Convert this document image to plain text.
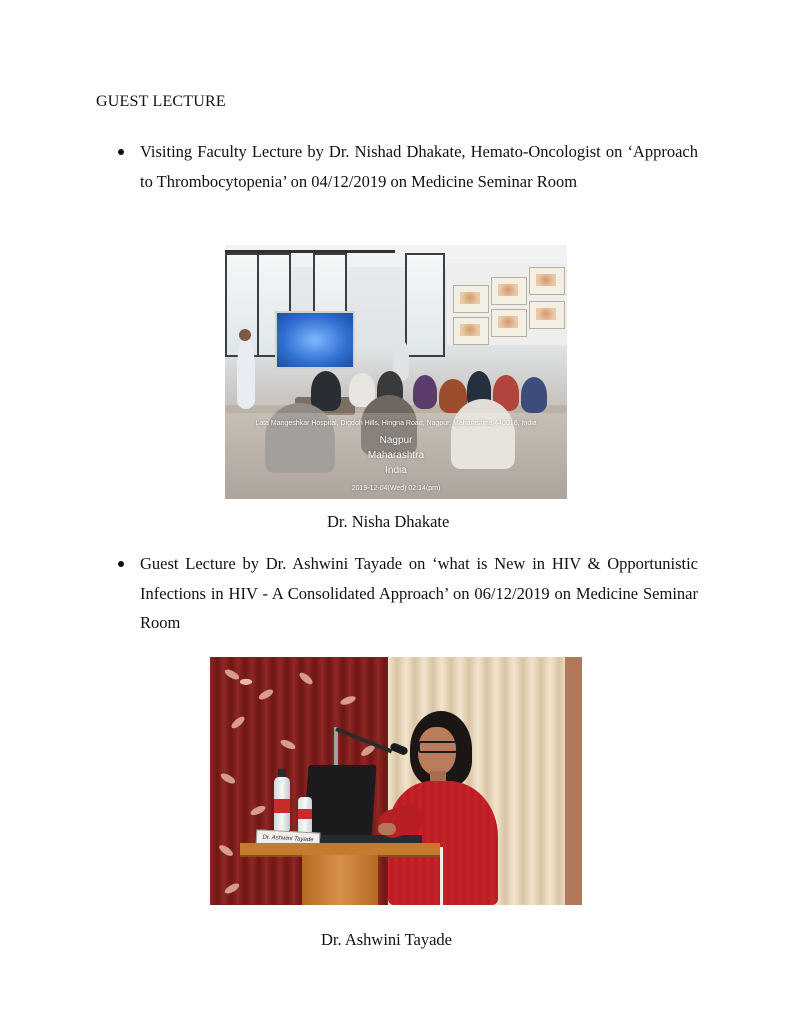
GUEST LECTURE
Visiting Faculty Lecture by Dr. Nishad Dhakate, Hemato-Oncologist on ‘Approach to Thrombocytopenia’ on 04/12/2019 on Medicine Seminar Room
Lata Mangeshkar Hospital, Digdoh Hills, Hingna Road, Nagpur, Maharashtra 440016, India
Nagpur
Maharashtra
India
2019-12-04(Wed) 02:14(pm)
Dr. Nisha Dhakate
Guest Lecture by Dr. Ashwini Tayade on ‘what is New in HIV & Opportunistic Infections in HIV - A Consolidated Approach’ on 06/12/2019 on Medicine Seminar Room
Dr. Ashwini Tayade
Dr. Ashwini Tayade
